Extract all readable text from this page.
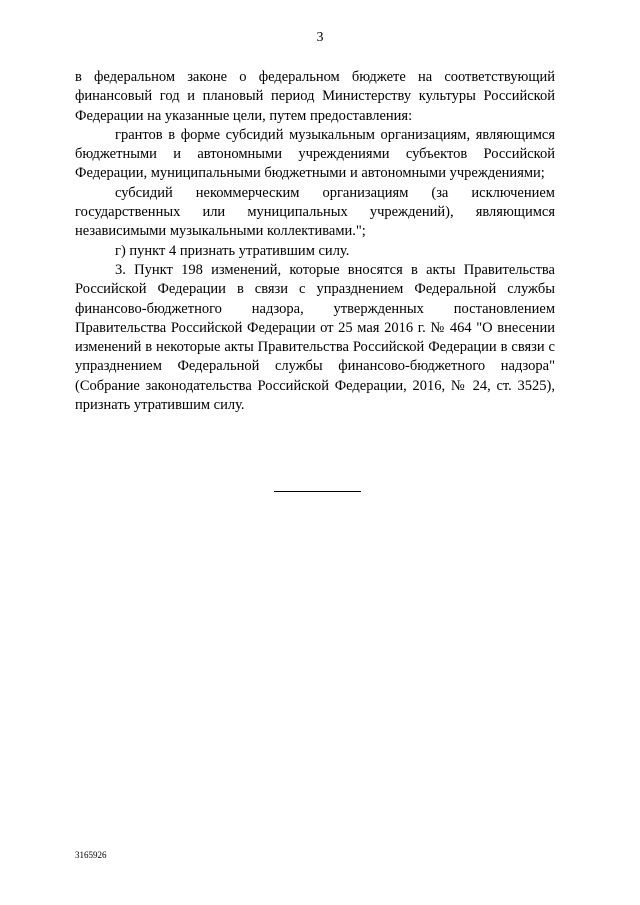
3

в федеральном законе о федеральном бюджете на соответствующий финансовый год и плановый период Министерству культуры Российской Федерации на указанные цели, путем предоставления:

грантов в форме субсидий музыкальным организациям, являющимся бюджетными и автономными учреждениями субъектов Российской Федерации, муниципальными бюджетными и автономными учреждениями;

субсидий некоммерческим организациям (за исключением государственных или муниципальных учреждений), являющимся независимыми музыкальными коллективами.";

г) пункт 4 признать утратившим силу.

3. Пункт 198 изменений, которые вносятся в акты Правительства Российской Федерации в связи с упразднением Федеральной службы финансово-бюджетного надзора, утвержденных постановлением Правительства Российской Федерации от 25 мая 2016 г. № 464 "О внесении изменений в некоторые акты Правительства Российской Федерации в связи с упразднением Федеральной службы финансово-бюджетного надзора" (Собрание законодательства Российской Федерации, 2016, № 24, ст. 3525), признать утратившим силу.

3165926
